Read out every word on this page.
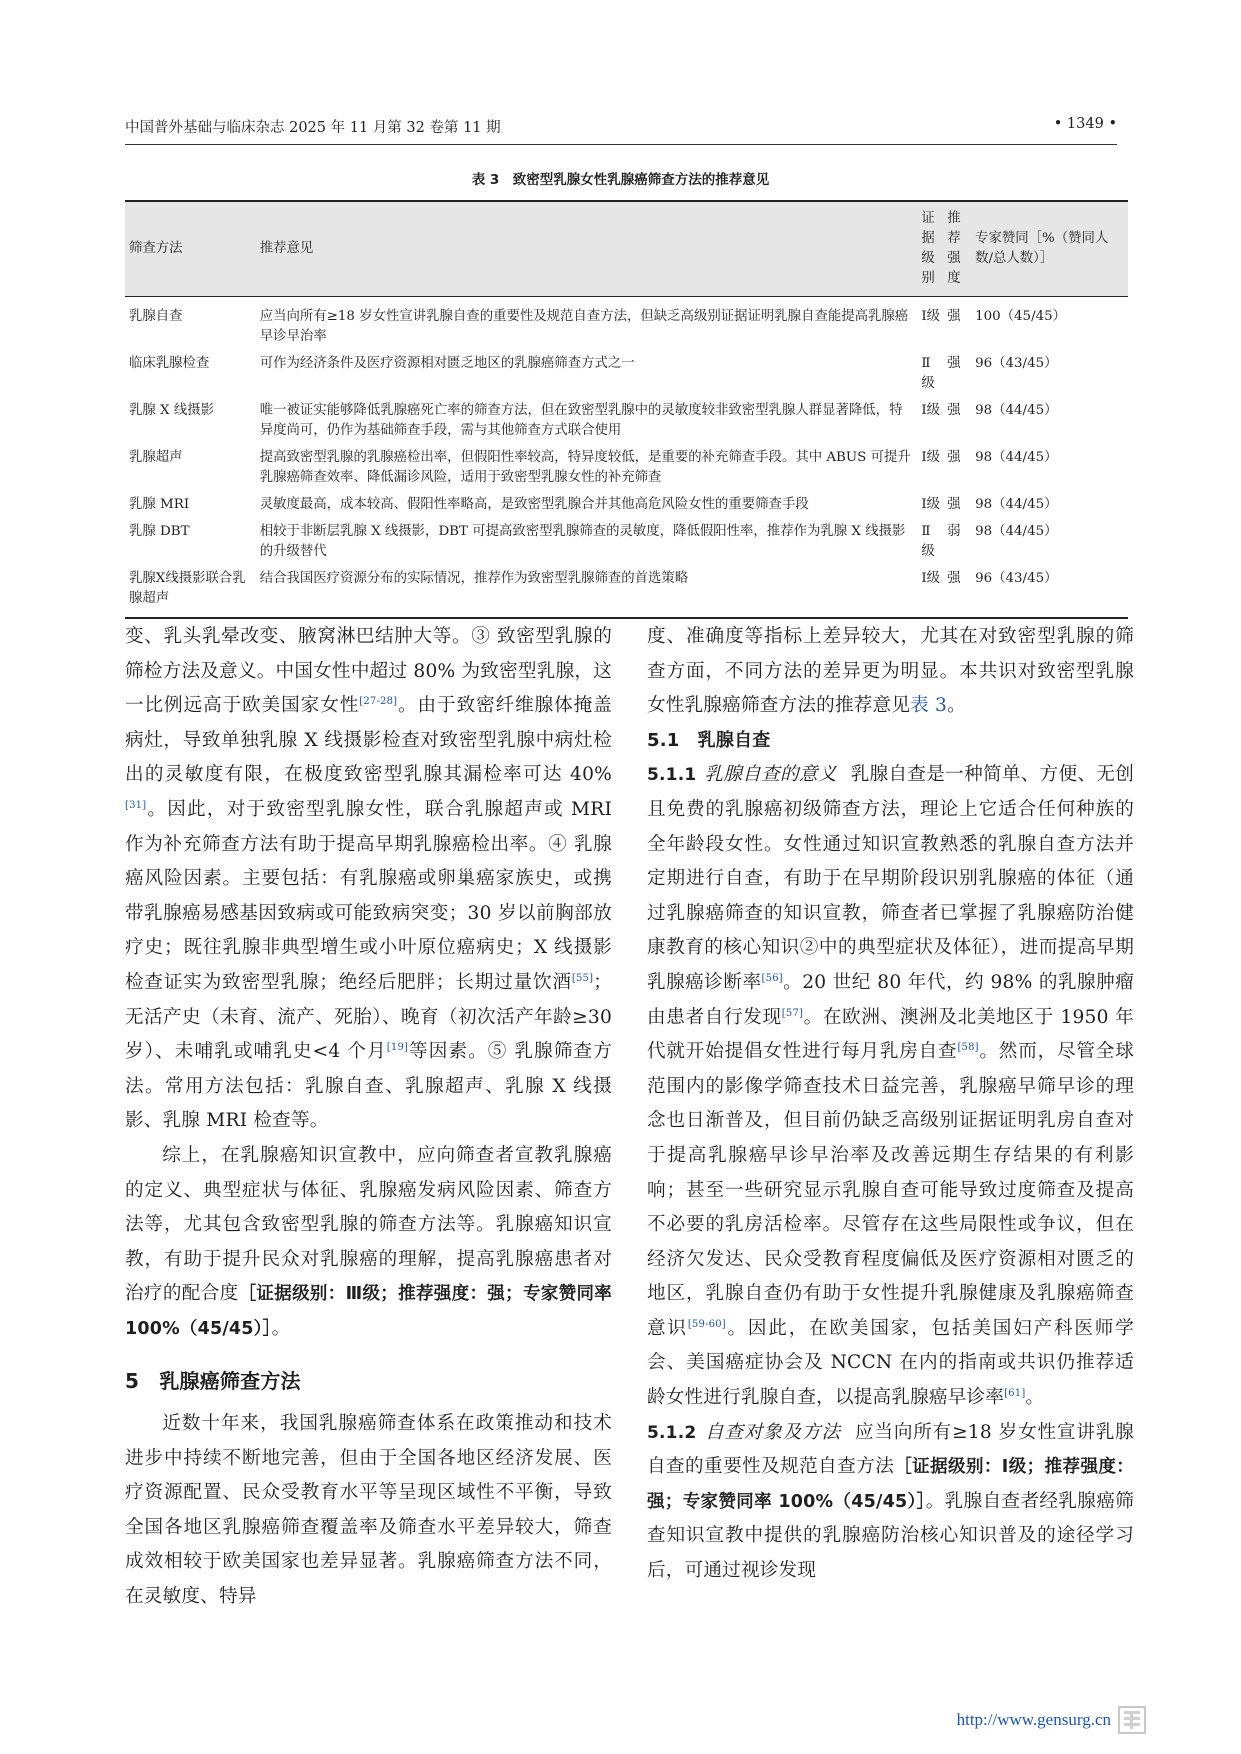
中国普外基础与临床杂志 2025 年 11 月第 32 卷第 11 期	• 1349 •
表 3　致密型乳腺女性乳腺癌筛查方法的推荐意见
筛查方法	推荐意见	证据级别	推荐强度	专家赞同［%（赞同人数/总人数）］
乳腺自查	应当向所有≥18 岁女性宣讲乳腺自查的重要性及规范自查方法，但缺乏高级别证据证明乳腺自查能提高乳腺癌早诊早治率	Ⅰ级	强	100（45/45）
临床乳腺检查	可作为经济条件及医疗资源相对匮乏地区的乳腺癌筛查方式之一	Ⅱ级	强	96（43/45）
乳腺 X 线摄影	唯一被证实能够降低乳腺癌死亡率的筛查方法，但在致密型乳腺中的灵敏度较非致密型乳腺人群显著降低，特异度尚可，仍作为基础筛查手段，需与其他筛查方式联合使用	Ⅰ级	强	98（44/45）
乳腺超声	提高致密型乳腺的乳腺癌检出率，但假阳性率较高，特异度较低，是重要的补充筛查手段。其中 ABUS 可提升乳腺癌筛查效率、降低漏诊风险，适用于致密型乳腺女性的补充筛查	Ⅰ级	强	98（44/45）
乳腺 MRI	灵敏度最高，成本较高、假阳性率略高，是致密型乳腺合并其他高危风险女性的重要筛查手段	Ⅰ级	强	98（44/45）
乳腺 DBT	相较于非断层乳腺 X 线摄影，DBT 可提高致密型乳腺筛查的灵敏度，降低假阳性率，推荐作为乳腺 X 线摄影的升级替代	Ⅱ级	弱	98（44/45）
乳腺X线摄影联合乳腺超声	结合我国医疗资源分布的实际情况，推荐作为致密型乳腺筛查的首选策略	Ⅰ级	强	96（43/45）

变、乳头乳晕改变、腋窝淋巴结肿大等。③ 致密型乳腺的筛检方法及意义。中国女性中超过 80% 为致密型乳腺，这一比例远高于欧美国家女性[27-28]。由于致密纤维腺体掩盖病灶，导致单独乳腺 X 线摄影检查对致密型乳腺中病灶检出的灵敏度有限，在极度致密型乳腺其漏检率可达 40%[31]。因此，对于致密型乳腺女性，联合乳腺超声或 MRI 作为补充筛查方法有助于提高早期乳腺癌检出率。④ 乳腺癌风险因素。主要包括：有乳腺癌或卵巢癌家族史，或携带乳腺癌易感基因致病或可能致病突变；30 岁以前胸部放疗史；既往乳腺非典型增生或小叶原位癌病史；X 线摄影检查证实为致密型乳腺；绝经后肥胖；长期过量饮酒[55]；无活产史（未育、流产、死胎）、晚育（初次活产年龄≥30 岁）、未哺乳或哺乳史<4 个月[19]等因素。⑤ 乳腺筛查方法。常用方法包括：乳腺自查、乳腺超声、乳腺 X 线摄影、乳腺 MRI 检查等。

综上，在乳腺癌知识宣教中，应向筛查者宣教乳腺癌的定义、典型症状与体征、乳腺癌发病风险因素、筛查方法等，尤其包含致密型乳腺的筛查方法等。乳腺癌知识宣教，有助于提升民众对乳腺癌的理解，提高乳腺癌患者对治疗的配合度［证据级别：Ⅲ级；推荐强度：强；专家赞同率 100%（45/45）］。

5　乳腺癌筛查方法

近数十年来，我国乳腺癌筛查体系在政策推动和技术进步中持续不断地完善，但由于全国各地区经济发展、医疗资源配置、民众受教育水平等呈现区域性不平衡，导致全国各地区乳腺癌筛查覆盖率及筛查水平差异较大，筛查成效相较于欧美国家也差异显著。乳腺癌筛查方法不同，在灵敏度、特异

度、准确度等指标上差异较大，尤其在对致密型乳腺的筛查方面，不同方法的差异更为明显。本共识对致密型乳腺女性乳腺癌筛查方法的推荐意见表 3。

5.1　乳腺自查

5.1.1 乳腺自查的意义 乳腺自查是一种简单、方便、无创且免费的乳腺癌初级筛查方法，理论上它适合任何种族的全年龄段女性。女性通过知识宣教熟悉的乳腺自查方法并定期进行自查，有助于在早期阶段识别乳腺癌的体征（通过乳腺癌筛查的知识宣教，筛查者已掌握了乳腺癌防治健康教育的核心知识②中的典型症状及体征），进而提高早期乳腺癌诊断率[56]。20 世纪 80 年代，约 98% 的乳腺肿瘤由患者自行发现[57]。在欧洲、澳洲及北美地区于 1950 年代就开始提倡女性进行每月乳房自查[58]。然而，尽管全球范围内的影像学筛查技术日益完善，乳腺癌早筛早诊的理念也日渐普及，但目前仍缺乏高级别证据证明乳房自查对于提高乳腺癌早诊早治率及改善远期生存结果的有利影响；甚至一些研究显示乳腺自查可能导致过度筛查及提高不必要的乳房活检率。尽管存在这些局限性或争议，但在经济欠发达、民众受教育程度偏低及医疗资源相对匮乏的地区，乳腺自查仍有助于女性提升乳腺健康及乳腺癌筛查意识[59-60]。因此，在欧美国家，包括美国妇产科医师学会、美国癌症协会及 NCCN 在内的指南或共识仍推荐适龄女性进行乳腺自查，以提高乳腺癌早诊率[61]。

5.1.2 自查对象及方法 应当向所有≥18 岁女性宣讲乳腺自查的重要性及规范自查方法［证据级别：Ⅰ级；推荐强度：强；专家赞同率 100%（45/45）］。乳腺自查者经乳腺癌筛查知识宣教中提供的乳腺癌防治核心知识普及的途径学习后，可通过视诊发现

http://www.gensurg.cn
